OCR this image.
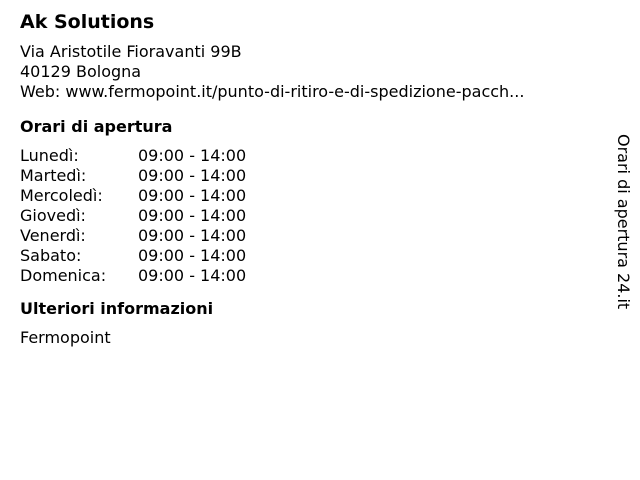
Ak Solutions
Via Aristotile Fioravanti 99B
40129 Bologna
Web: www.fermopoint.it/punto-di-ritiro-e-di-spedizione-pacch...
Orari di apertura
Lunedì:	09:00 - 14:00
Martedì:	09:00 - 14:00
Mercoledì:	09:00 - 14:00
Giovedì:	09:00 - 14:00
Venerdì:	09:00 - 14:00
Sabato:	09:00 - 14:00
Domenica:	09:00 - 14:00
Ulteriori informazioni
Fermopoint
Orari di apertura 24.it
